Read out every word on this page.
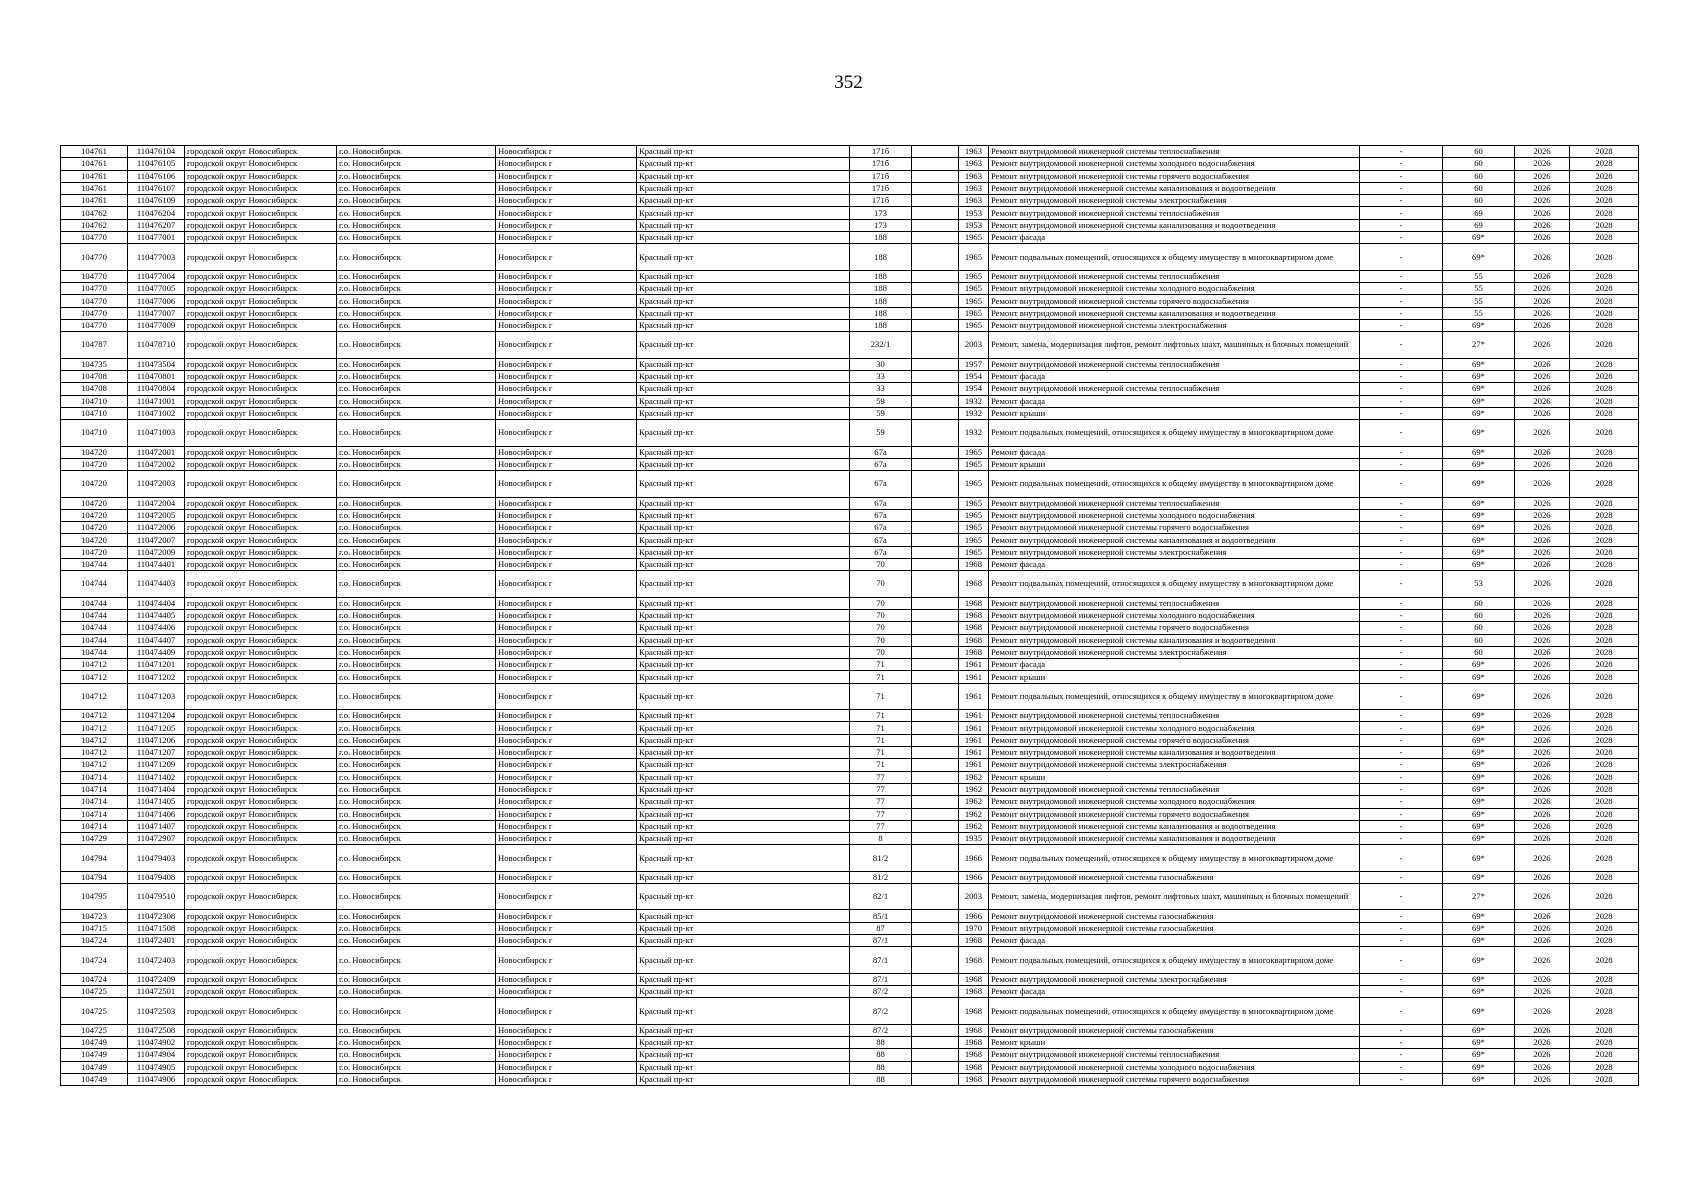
352
104761	110476104	городской округ Новосибирск	г.о. Новосибирск	Новосибирск г	Красный пр-кт	171б		1963	Ремонт внутридомовой инженерной системы теплоснабжения	-	60	2026	2028
104761	110476105	городской округ Новосибирск	г.о. Новосибирск	Новосибирск г	Красный пр-кт	171б		1963	Ремонт внутридомовой инженерной системы холодного водоснабжения	-	60	2026	2028
104761	110476106	городской округ Новосибирск	г.о. Новосибирск	Новосибирск г	Красный пр-кт	171б		1963	Ремонт внутридомовой инженерной системы горячего водоснабжения	-	60	2026	2028
104761	110476107	городской округ Новосибирск	г.о. Новосибирск	Новосибирск г	Красный пр-кт	171б		1963	Ремонт внутридомовой инженерной системы канализования и водоотведения	-	60	2026	2028
104761	110476109	городской округ Новосибирск	г.о. Новосибирск	Новосибирск г	Красный пр-кт	171б		1963	Ремонт внутридомовой инженерной системы электроснабжения	-	60	2026	2028
104762	110476204	городской округ Новосибирск	г.о. Новосибирск	Новосибирск г	Красный пр-кт	173		1953	Ремонт внутридомовой инженерной системы теплоснабжения	-	69	2026	2028
104762	110476207	городской округ Новосибирск	г.о. Новосибирск	Новосибирск г	Красный пр-кт	173		1953	Ремонт внутридомовой инженерной системы канализования и водоотведения	-	69	2026	2028
104770	110477001	городской округ Новосибирск	г.о. Новосибирск	Новосибирск г	Красный пр-кт	188		1965	Ремонт фасада	-	69*	2026	2028
104770	110477003	городской округ Новосибирск	г.о. Новосибирск	Новосибирск г	Красный пр-кт	188		1965	Ремонт подвальных помещений, относящихся к общему имуществу в многоквартирном доме	-	69*	2026	2028
104770	110477004	городской округ Новосибирск	г.о. Новосибирск	Новосибирск г	Красный пр-кт	188		1965	Ремонт внутридомовой инженерной системы теплоснабжения	-	55	2026	2028
104770	110477005	городской округ Новосибирск	г.о. Новосибирск	Новосибирск г	Красный пр-кт	188		1965	Ремонт внутридомовой инженерной системы холодного водоснабжения	-	55	2026	2028
104770	110477006	городской округ Новосибирск	г.о. Новосибирск	Новосибирск г	Красный пр-кт	188		1965	Ремонт внутридомовой инженерной системы горячего водоснабжения	-	55	2026	2028
104770	110477007	городской округ Новосибирск	г.о. Новосибирск	Новосибирск г	Красный пр-кт	188		1965	Ремонт внутридомовой инженерной системы канализования и водоотведения	-	55	2026	2028
104770	110477009	городской округ Новосибирск	г.о. Новосибирск	Новосибирск г	Красный пр-кт	188		1965	Ремонт внутридомовой инженерной системы электроснабжения	-	69*	2026	2028
104787	110478710	городской округ Новосибирск	г.о. Новосибирск	Новосибирск г	Красный пр-кт	232/1		2003	Ремонт, замена, модернизация лифтов, ремонт лифтовых шахт, машинных и блочных помещений	-	27*	2026	2028
104735	110473504	городской округ Новосибирск	г.о. Новосибирск	Новосибирск г	Красный пр-кт	30		1957	Ремонт внутридомовой инженерной системы теплоснабжения	-	69*	2026	2028
104708	110470801	городской округ Новосибирск	г.о. Новосибирск	Новосибирск г	Красный пр-кт	33		1954	Ремонт фасада	-	69*	2026	2028
104708	110470804	городской округ Новосибирск	г.о. Новосибирск	Новосибирск г	Красный пр-кт	33		1954	Ремонт внутридомовой инженерной системы теплоснабжения	-	69*	2026	2028
104710	110471001	городской округ Новосибирск	г.о. Новосибирск	Новосибирск г	Красный пр-кт	59		1932	Ремонт фасада	-	69*	2026	2028
104710	110471002	городской округ Новосибирск	г.о. Новосибирск	Новосибирск г	Красный пр-кт	59		1932	Ремонт крыши	-	69*	2026	2028
104710	110471003	городской округ Новосибирск	г.о. Новосибирск	Новосибирск г	Красный пр-кт	59		1932	Ремонт подвальных помещений, относящихся к общему имуществу в многоквартирном доме	-	69*	2026	2028
104720	110472001	городской округ Новосибирск	г.о. Новосибирск	Новосибирск г	Красный пр-кт	67а		1965	Ремонт фасада	-	69*	2026	2028
104720	110472002	городской округ Новосибирск	г.о. Новосибирск	Новосибирск г	Красный пр-кт	67а		1965	Ремонт крыши	-	69*	2026	2028
104720	110472003	городской округ Новосибирск	г.о. Новосибирск	Новосибирск г	Красный пр-кт	67а		1965	Ремонт подвальных помещений, относящихся к общему имуществу в многоквартирном доме	-	69*	2026	2028
104720	110472004	городской округ Новосибирск	г.о. Новосибирск	Новосибирск г	Красный пр-кт	67а		1965	Ремонт внутридомовой инженерной системы теплоснабжения	-	69*	2026	2028
104720	110472005	городской округ Новосибирск	г.о. Новосибирск	Новосибирск г	Красный пр-кт	67а		1965	Ремонт внутридомовой инженерной системы холодного водоснабжения	-	69*	2026	2028
104720	110472006	городской округ Новосибирск	г.о. Новосибирск	Новосибирск г	Красный пр-кт	67а		1965	Ремонт внутридомовой инженерной системы горячего водоснабжения	-	69*	2026	2028
104720	110472007	городской округ Новосибирск	г.о. Новосибирск	Новосибирск г	Красный пр-кт	67а		1965	Ремонт внутридомовой инженерной системы канализования и водоотведения	-	69*	2026	2028
104720	110472009	городской округ Новосибирск	г.о. Новосибирск	Новосибирск г	Красный пр-кт	67а		1965	Ремонт внутридомовой инженерной системы электроснабжения	-	69*	2026	2028
104744	110474401	городской округ Новосибирск	г.о. Новосибирск	Новосибирск г	Красный пр-кт	70		1968	Ремонт фасада	-	69*	2026	2028
104744	110474403	городской округ Новосибирск	г.о. Новосибирск	Новосибирск г	Красный пр-кт	70		1968	Ремонт подвальных помещений, относящихся к общему имуществу в многоквартирном доме	-	53	2026	2028
104744	110474404	городской округ Новосибирск	г.о. Новосибирск	Новосибирск г	Красный пр-кт	70		1968	Ремонт внутридомовой инженерной системы теплоснабжения	-	60	2026	2028
104744	110474405	городской округ Новосибирск	г.о. Новосибирск	Новосибирск г	Красный пр-кт	70		1968	Ремонт внутридомовой инженерной системы холодного водоснабжения	-	60	2026	2028
104744	110474406	городской округ Новосибирск	г.о. Новосибирск	Новосибирск г	Красный пр-кт	70		1968	Ремонт внутридомовой инженерной системы горячего водоснабжения	-	60	2026	2028
104744	110474407	городской округ Новосибирск	г.о. Новосибирск	Новосибирск г	Красный пр-кт	70		1968	Ремонт внутридомовой инженерной системы канализования и водоотведения	-	60	2026	2028
104744	110474409	городской округ Новосибирск	г.о. Новосибирск	Новосибирск г	Красный пр-кт	70		1968	Ремонт внутридомовой инженерной системы электроснабжения	-	60	2026	2028
104712	110471201	городской округ Новосибирск	г.о. Новосибирск	Новосибирск г	Красный пр-кт	71		1961	Ремонт фасада	-	69*	2026	2028
104712	110471202	городской округ Новосибирск	г.о. Новосибирск	Новосибирск г	Красный пр-кт	71		1961	Ремонт крыши	-	69*	2026	2028
104712	110471203	городской округ Новосибирск	г.о. Новосибирск	Новосибирск г	Красный пр-кт	71		1961	Ремонт подвальных помещений, относящихся к общему имуществу в многоквартирном доме	-	69*	2026	2028
104712	110471204	городской округ Новосибирск	г.о. Новосибирск	Новосибирск г	Красный пр-кт	71		1961	Ремонт внутридомовой инженерной системы теплоснабжения	-	69*	2026	2028
104712	110471205	городской округ Новосибирск	г.о. Новосибирск	Новосибирск г	Красный пр-кт	71		1961	Ремонт внутридомовой инженерной системы холодного водоснабжения	-	69*	2026	2028
104712	110471206	городской округ Новосибирск	г.о. Новосибирск	Новосибирск г	Красный пр-кт	71		1961	Ремонт внутридомовой инженерной системы горячего водоснабжения	-	69*	2026	2028
104712	110471207	городской округ Новосибирск	г.о. Новосибирск	Новосибирск г	Красный пр-кт	71		1961	Ремонт внутридомовой инженерной системы канализования и водоотведения	-	69*	2026	2028
104712	110471209	городской округ Новосибирск	г.о. Новосибирск	Новосибирск г	Красный пр-кт	71		1961	Ремонт внутридомовой инженерной системы электроснабжения	-	69*	2026	2028
104714	110471402	городской округ Новосибирск	г.о. Новосибирск	Новосибирск г	Красный пр-кт	77		1962	Ремонт крыши	-	69*	2026	2028
104714	110471404	городской округ Новосибирск	г.о. Новосибирск	Новосибирск г	Красный пр-кт	77		1962	Ремонт внутридомовой инженерной системы теплоснабжения	-	69*	2026	2028
104714	110471405	городской округ Новосибирск	г.о. Новосибирск	Новосибирск г	Красный пр-кт	77		1962	Ремонт внутридомовой инженерной системы холодного водоснабжения	-	69*	2026	2028
104714	110471406	городской округ Новосибирск	г.о. Новосибирск	Новосибирск г	Красный пр-кт	77		1962	Ремонт внутридомовой инженерной системы горячего водоснабжения	-	69*	2026	2028
104714	110471407	городской округ Новосибирск	г.о. Новосибирск	Новосибирск г	Красный пр-кт	77		1962	Ремонт внутридомовой инженерной системы канализования и водоотведения	-	69*	2026	2028
104729	110472907	городской округ Новосибирск	г.о. Новосибирск	Новосибирск г	Красный пр-кт	8		1935	Ремонт внутридомовой инженерной системы канализования и водоотведения	-	69*	2026	2028
104794	110479403	городской округ Новосибирск	г.о. Новосибирск	Новосибирск г	Красный пр-кт	81/2		1966	Ремонт подвальных помещений, относящихся к общему имуществу в многоквартирном доме	-	69*	2026	2028
104794	110479408	городской округ Новосибирск	г.о. Новосибирск	Новосибирск г	Красный пр-кт	81/2		1966	Ремонт внутридомовой инженерной системы газоснабжения	-	69*	2026	2028
104795	110479510	городской округ Новосибирск	г.о. Новосибирск	Новосибирск г	Красный пр-кт	82/1		2003	Ремонт, замена, модернизация лифтов, ремонт лифтовых шахт, машинных и блочных помещений	-	27*	2026	2028
104723	110472308	городской округ Новосибирск	г.о. Новосибирск	Новосибирск г	Красный пр-кт	85/1		1966	Ремонт внутридомовой инженерной системы газоснабжения	-	69*	2026	2028
104715	110471508	городской округ Новосибирск	г.о. Новосибирск	Новосибирск г	Красный пр-кт	87		1970	Ремонт внутридомовой инженерной системы газоснабжения	-	69*	2026	2028
104724	110472401	городской округ Новосибирск	г.о. Новосибирск	Новосибирск г	Красный пр-кт	87/1		1968	Ремонт фасада	-	69*	2026	2028
104724	110472403	городской округ Новосибирск	г.о. Новосибирск	Новосибирск г	Красный пр-кт	87/1		1968	Ремонт подвальных помещений, относящихся к общему имуществу в многоквартирном доме	-	69*	2026	2028
104724	110472409	городской округ Новосибирск	г.о. Новосибирск	Новосибирск г	Красный пр-кт	87/1		1968	Ремонт внутридомовой инженерной системы электроснабжения	-	69*	2026	2028
104725	110472501	городской округ Новосибирск	г.о. Новосибирск	Новосибирск г	Красный пр-кт	87/2		1968	Ремонт фасада	-	69*	2026	2028
104725	110472503	городской округ Новосибирск	г.о. Новосибирск	Новосибирск г	Красный пр-кт	87/2		1968	Ремонт подвальных помещений, относящихся к общему имуществу в многоквартирном доме	-	69*	2026	2028
104725	110472508	городской округ Новосибирск	г.о. Новосибирск	Новосибирск г	Красный пр-кт	87/2		1968	Ремонт внутридомовой инженерной системы газоснабжения	-	69*	2026	2028
104749	110474902	городской округ Новосибирск	г.о. Новосибирск	Новосибирск г	Красный пр-кт	88		1968	Ремонт крыши	-	69*	2026	2028
104749	110474904	городской округ Новосибирск	г.о. Новосибирск	Новосибирск г	Красный пр-кт	88		1968	Ремонт внутридомовой инженерной системы теплоснабжения	-	69*	2026	2028
104749	110474905	городской округ Новосибирск	г.о. Новосибирск	Новосибирск г	Красный пр-кт	88		1968	Ремонт внутридомовой инженерной системы холодного водоснабжения	-	69*	2026	2028
104749	110474906	городской округ Новосибирск	г.о. Новосибирск	Новосибирск г	Красный пр-кт	88		1968	Ремонт внутридомовой инженерной системы горячего водоснабжения	-	69*	2026	2028
